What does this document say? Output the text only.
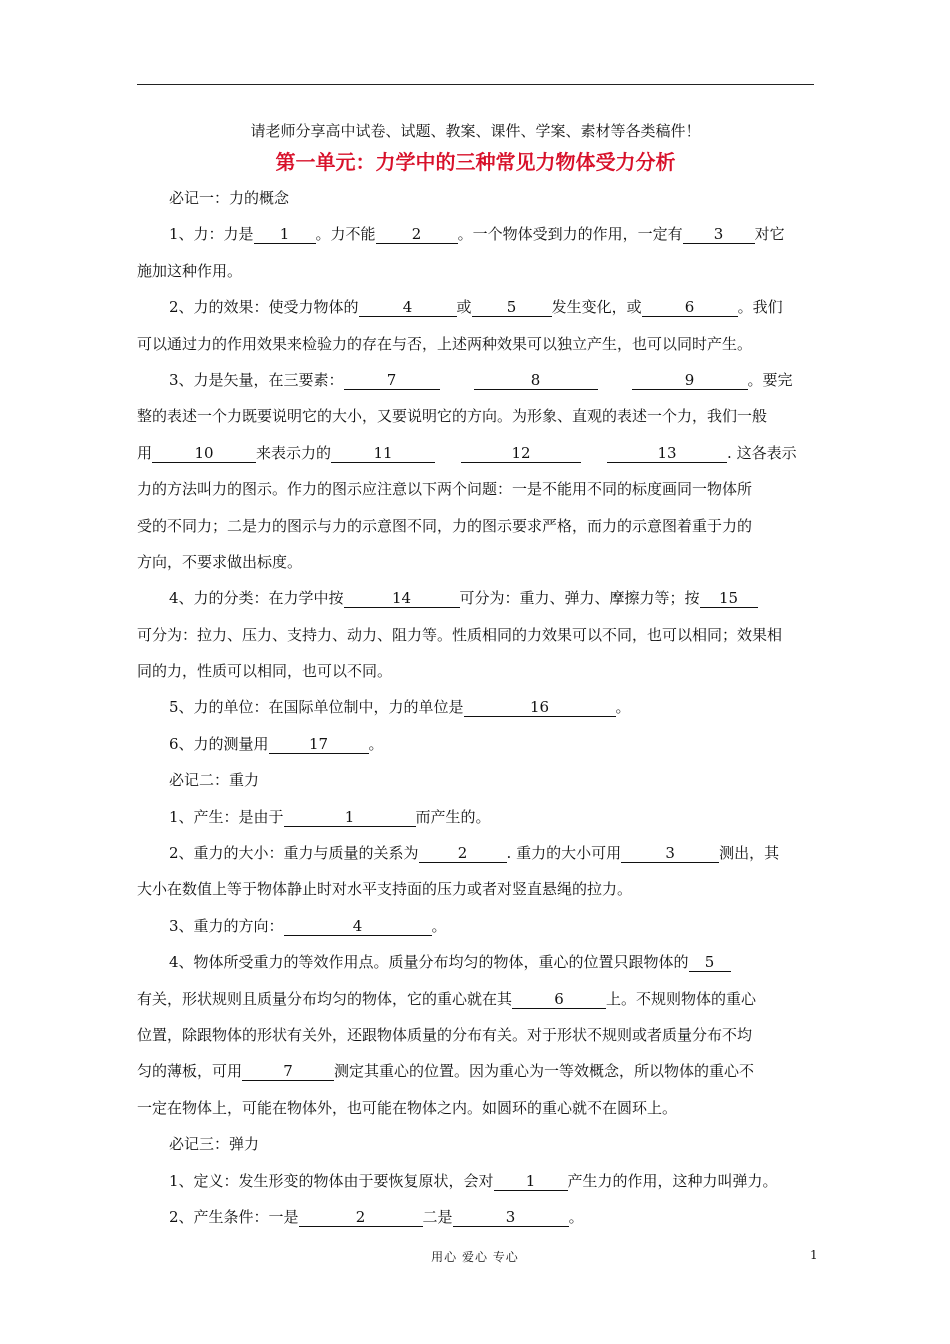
请老师分享高中试卷、试题、教案、课件、学案、素材等各类稿件！
第一单元：力学中的三种常见力物体受力分析
必记一：力的概念
1、力：力是 1 。力不能 2 。一个物体受到力的作用，一定有 3 对它
施加这种作用。
2、力的效果：使受力物体的	4	或 5 发生变化，或	6	。我们
可以通过力的作用效果来检验力的存在与否，上述两种效果可以独立产生，也可以同时产生。
3、力是矢量，在三要素：	7	8	9	。要完
整的表述一个力既要说明它的大小，又要说明它的方向。为形象、直观的表述一个力，我们一般
用	10	来表示力的	11	12	13	. 这各表示
力的方法叫力的图示。作力的图示应注意以下两个问题：一是不能用不同的标度画同一物体所
受的不同力；二是力的图示与力的示意图不同，力的图示要求严格，而力的示意图着重于力的
方向，不要求做出标度。
4、力的分类：在力学中按	14	可分为：重力、弹力、摩擦力等；按 15
可分为：拉力、压力、支持力、动力、阻力等。性质相同的力效果可以不同，也可以相同；效果相
同的力，性质可以相同，也可以不同。
5、力的单位：在国际单位制中，力的单位是	16	。
6、力的测量用	17	。
必记二：重力
1、产生：是由于	1	而产生的。
2、重力的大小：重力与质量的关系为	2	. 重力的大小可用	3	测出，其
大小在数值上等于物体静止时对水平支持面的压力或者对竖直悬绳的拉力。
3、重力的方向：	4	。
4、物体所受重力的等效作用点。质量分布均匀的物体，重心的位置只跟物体的 5
有关，形状规则且质量分布均匀的物体，它的重心就在其	6	上。不规则物体的重心
位置，除跟物体的形状有关外，还跟物体质量的分布有关。对于形状不规则或者质量分布不均
匀的薄板，可用	7	测定其重心的位置。因为重心为一等效概念，所以物体的重心不
一定在物体上，可能在物体外，也可能在物体之内。如圆环的重心就不在圆环上。
必记三：弹力
1、定义：发生形变的物体由于要恢复原状，会对 1 产生力的作用，这种力叫弹力。
2、产生条件：一是	2	二是	3	。
用心 爱心 专心	1
